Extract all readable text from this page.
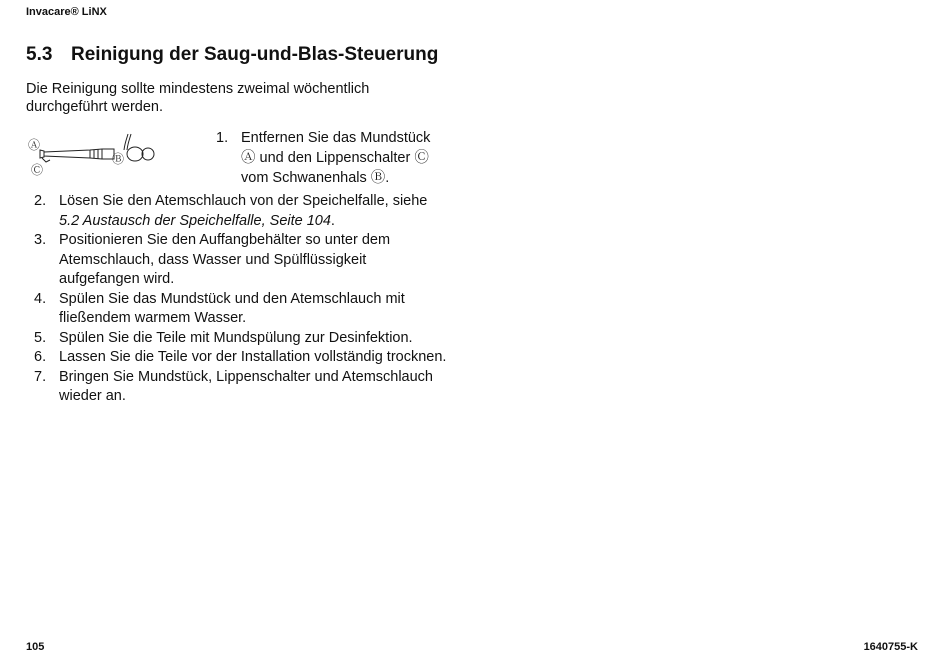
Invacare® LiNX
5.3 Reinigung der Saug-und-Blas-Steuerung
Die Reinigung sollte mindestens zweimal wöchentlich durchgeführt werden.
Ⓐ
Ⓑ
Ⓒ
1. Entfernen Sie das Mundstück Ⓐ und den Lippenschalter Ⓒ vom Schwanenhals Ⓑ.

2. Lösen Sie den Atemschlauch von der Speichelfalle, siehe 5.2 Austausch der Speichelfalle, Seite 104.

3. Positionieren Sie den Auffangbehälter so unter dem Atemschlauch, dass Wasser und Spülflüssigkeit aufgefangen wird.

4. Spülen Sie das Mundstück und den Atemschlauch mit fließendem warmem Wasser.

5. Spülen Sie die Teile mit Mundspülung zur Desinfektion.

6. Lassen Sie die Teile vor der Installation vollständig trocknen.

7. Bringen Sie Mundstück, Lippenschalter und Atemschlauch wieder an.

105	1640755-K
